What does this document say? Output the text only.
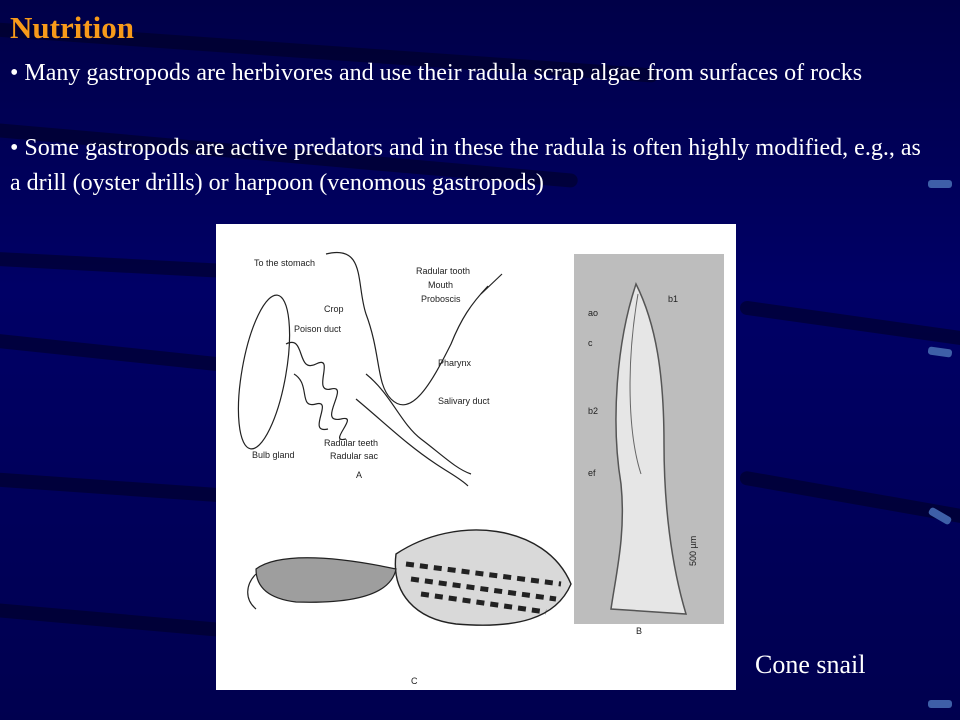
Nutrition

• Many gastropods are herbivores and use their radula scrap algae from surfaces of rocks

• Some gastropods are active predators and in these the radula is often highly modified, e.g., as a drill (oyster drills) or harpoon (venomous gastropods)

To the stomach
Radular tooth
Mouth
Proboscis
Crop
Poison duct
Pharynx
Salivary duct
Radular teeth
Radular sac
Bulb gland
A
ao
b1
c
b2
ef
500 µm
B
C
Cone snail
